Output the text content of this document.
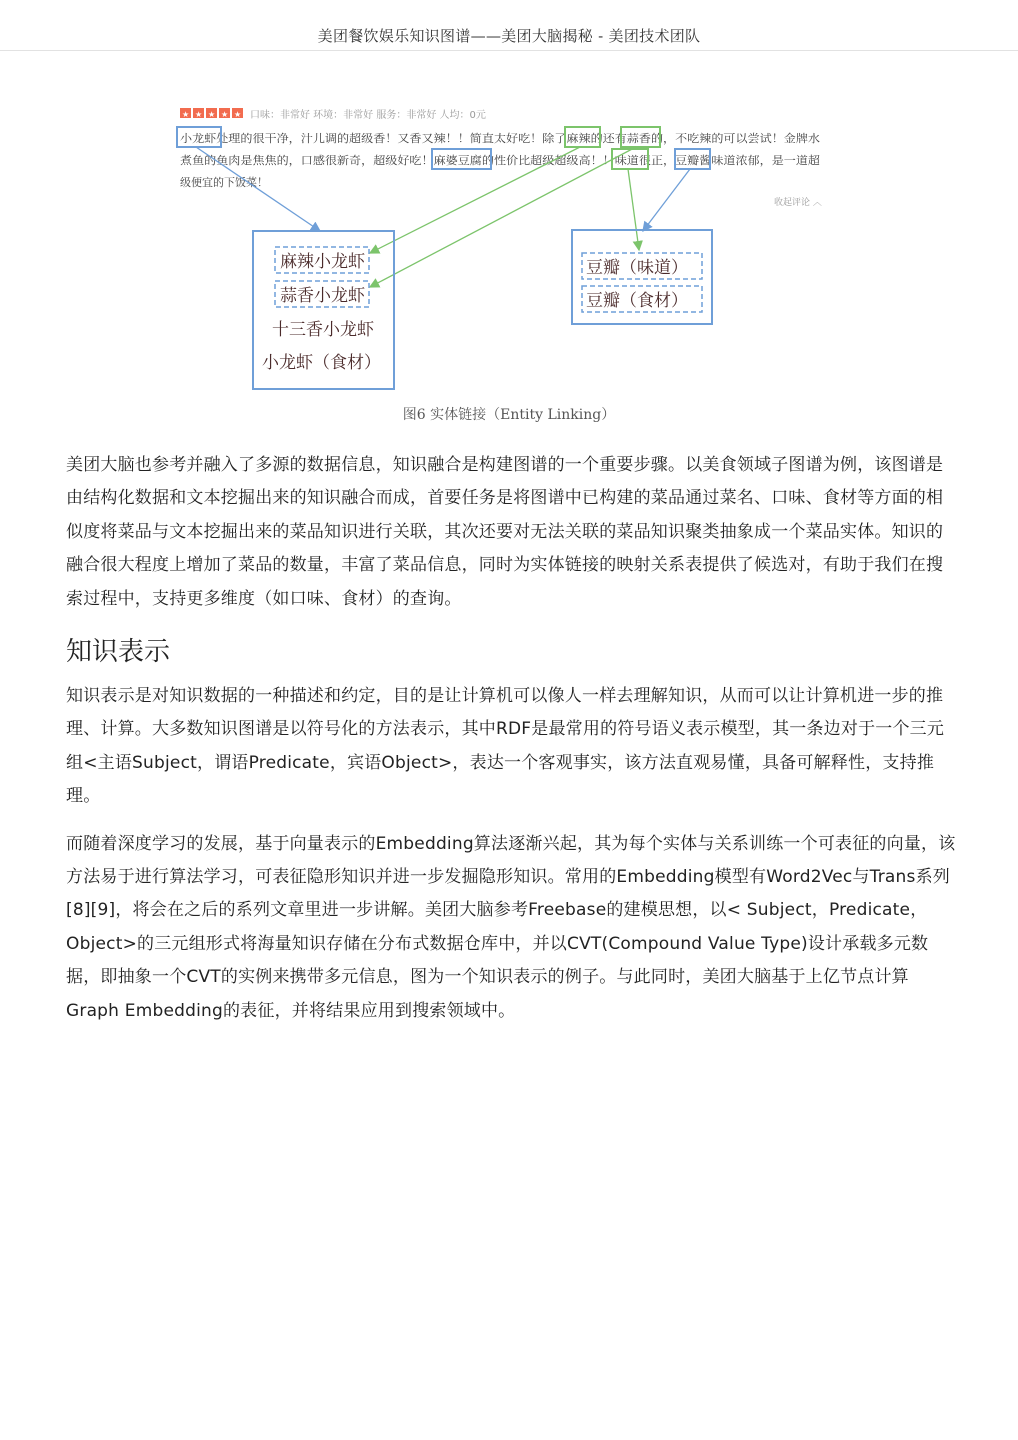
美团餐饮娱乐知识图谱——美团大脑揭秘 - 美团技术团队
★ ★ ★ ★ ★ 口味：非常好 环境：非常好 服务：非常好 人均：0元
小龙虾处理的很干净，汁儿调的超级香！又香又辣！！简直太好吃！除了麻辣的还有蒜香的，不吃辣的可以尝试！金牌水
煮鱼的鱼肉是焦焦的，口感很新奇，超级好吃！麻婆豆腐的性价比超级超级高！！味道很正，豆瓣酱味道浓郁，是一道超
级便宜的下饭菜！
收起评论 ︿
麻辣小龙虾
蒜香小龙虾
十三香小龙虾
小龙虾（食材）
豆瓣（味道）
豆瓣（食材）
图6 实体链接（Entity Linking）

美团大脑也参考并融入了多源的数据信息，知识融合是构建图谱的一个重要步骤。以美食领域子图谱为例，该图谱是由结构化数据和文本挖掘出来的知识融合而成，首要任务是将图谱中已构建的菜品通过菜名、口味、食材等方面的相似度将菜品与文本挖掘出来的菜品知识进行关联，其次还要对无法关联的菜品知识聚类抽象成一个菜品实体。知识的融合很大程度上增加了菜品的数量，丰富了菜品信息，同时为实体链接的映射关系表提供了候选对，有助于我们在搜索过程中，支持更多维度（如口味、食材）的查询。

知识表示

知识表示是对知识数据的一种描述和约定，目的是让计算机可以像人一样去理解知识，从而可以让计算机进一步的推理、计算。大多数知识图谱是以符号化的方法表示，其中RDF是最常用的符号语义表示模型，其一条边对于一个三元组<主语Subject，谓语Predicate，宾语Object>，表达一个客观事实，该方法直观易懂，具备可解释性，支持推理。

而随着深度学习的发展，基于向量表示的Embedding算法逐渐兴起，其为每个实体与关系训练一个可表征的向量，该方法易于进行算法学习，可表征隐形知识并进一步发掘隐形知识。常用的Embedding模型有Word2Vec与Trans系列[8][9]，将会在之后的系列文章里进一步讲解。美团大脑参考Freebase的建模思想，以< Subject，Predicate，Object>的三元组形式将海量知识存储在分布式数据仓库中，并以CVT(Compound Value Type)设计承载多元数据，即抽象一个CVT的实例来携带多元信息，图为一个知识表示的例子。与此同时，美团大脑基于上亿节点计算Graph Embedding的表征，并将结果应用到搜索领域中。
